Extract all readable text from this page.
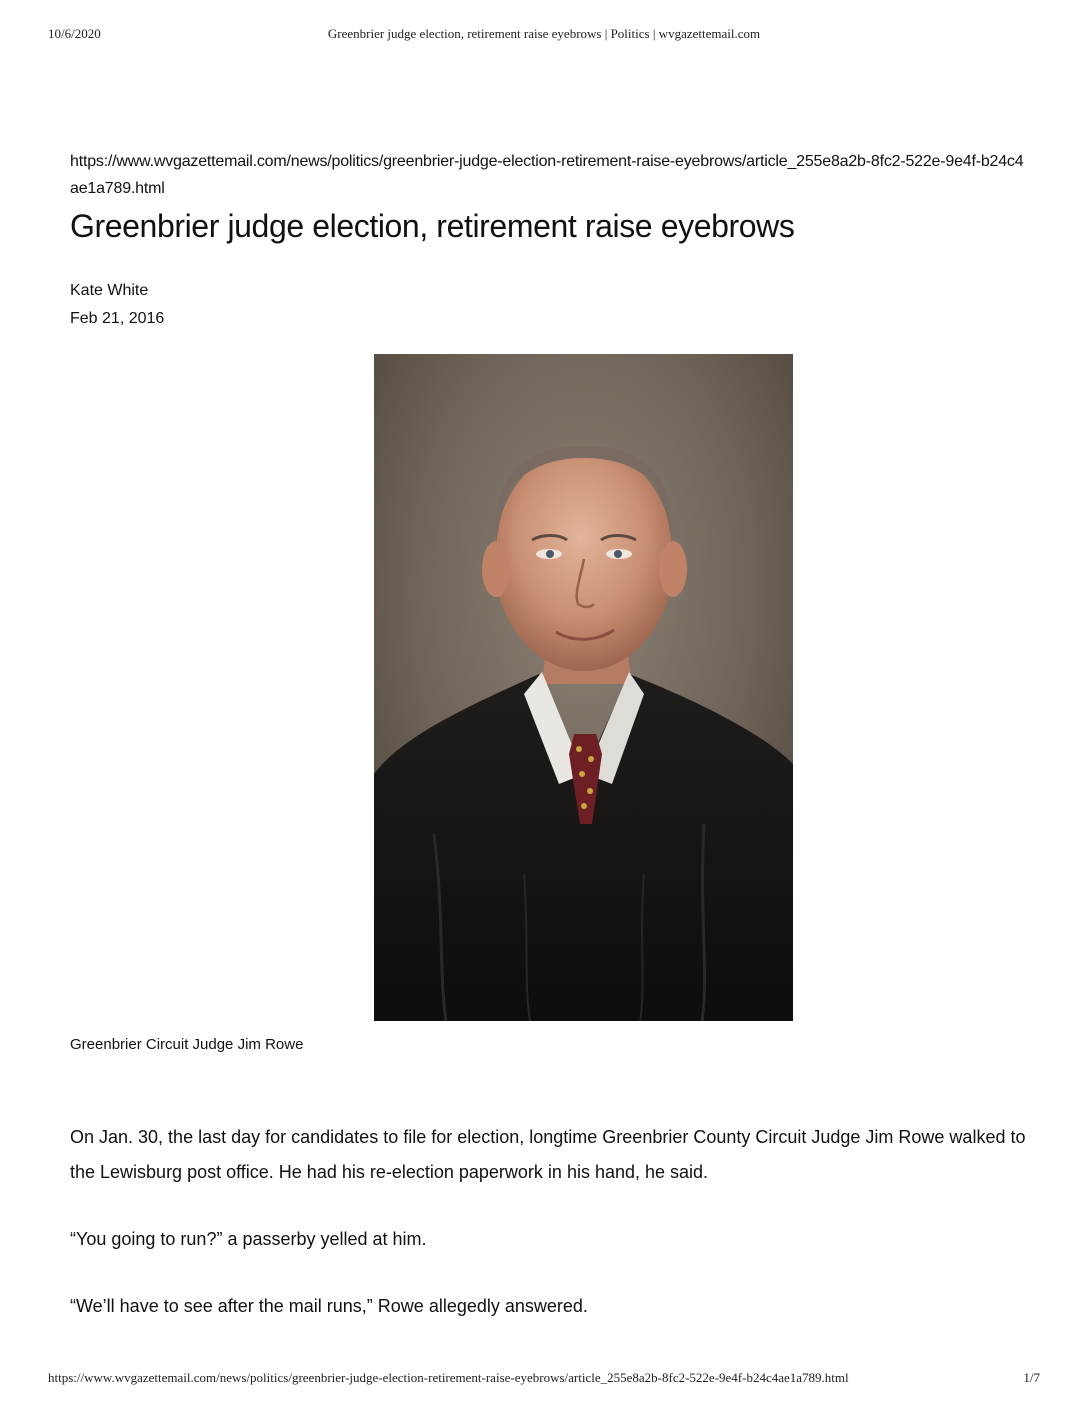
10/6/2020	Greenbrier judge election, retirement raise eyebrows | Politics | wvgazettemail.com
https://www.wvgazettemail.com/news/politics/greenbrier-judge-election-retirement-raise-eyebrows/article_255e8a2b-8fc2-522e-9e4f-b24c4ae1a789.html
Greenbrier judge election, retirement raise eyebrows
Kate White
Feb 21, 2016
Greenbrier Circuit Judge Jim Rowe

On Jan. 30, the last day for candidates to file for election, longtime Greenbrier County Circuit Judge Jim Rowe walked to the Lewisburg post office. He had his re-election paperwork in his hand, he said.

“You going to run?” a passerby yelled at him.

“We’ll have to see after the mail runs,” Rowe allegedly answered.

https://www.wvgazettemail.com/news/politics/greenbrier-judge-election-retirement-raise-eyebrows/article_255e8a2b-8fc2-522e-9e4f-b24c4ae1a789.html	1/7
